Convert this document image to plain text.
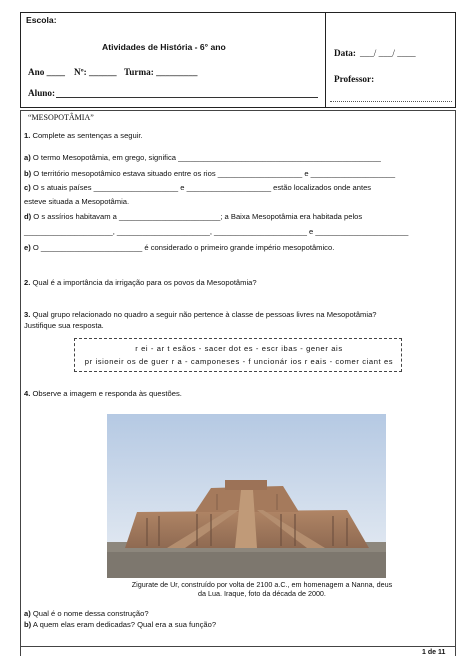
Escola:
Atividades de História - 6° ano
Ano ____ Nº: ______ Turma: _________
Aluno:
Data: ___/ ___/ ____
Professor:
“MESOPOTÂMIA”
1. Complete as sentenças a seguir.
a) O termo Mesopotâmia, em grego, significa ________________________________________________
b) O território mesopotâmico estava situado entre os rios ____________________ e ____________________
c) O s atuais países ____________________ e ____________________ estão localizados onde antes
esteve situada a Mesopotâmia.
d) O s assírios habitavam a ________________________; a Baixa Mesopotâmia era habitada pelos
_____________________, ______________________, ______________________ e ______________________
e) O ________________________ é considerado o primeiro grande império mesopotâmico.
2. Qual é a importância da irrigação para os povos da Mesopotâmia?
3. Qual grupo relacionado no quadro a seguir não pertence à classe de pessoas livres na Mesopotâmia?
Justifique sua resposta.
r ei - ar t esãos - sacer dot es - escr ibas - gener ais
pr isioneir os de guer r a - camponeses - f uncionár ios r eais - comer ciant es
4. Observe a imagem e responda às questões.
Zigurate de Ur, construído por volta de 2100 a.C., em homenagem a Nanna, deus
da Lua. Iraque, foto da década de 2000.
a) Qual é o nome dessa construção?
b) A quem elas eram dedicadas? Qual era a sua função?
1 de 11
